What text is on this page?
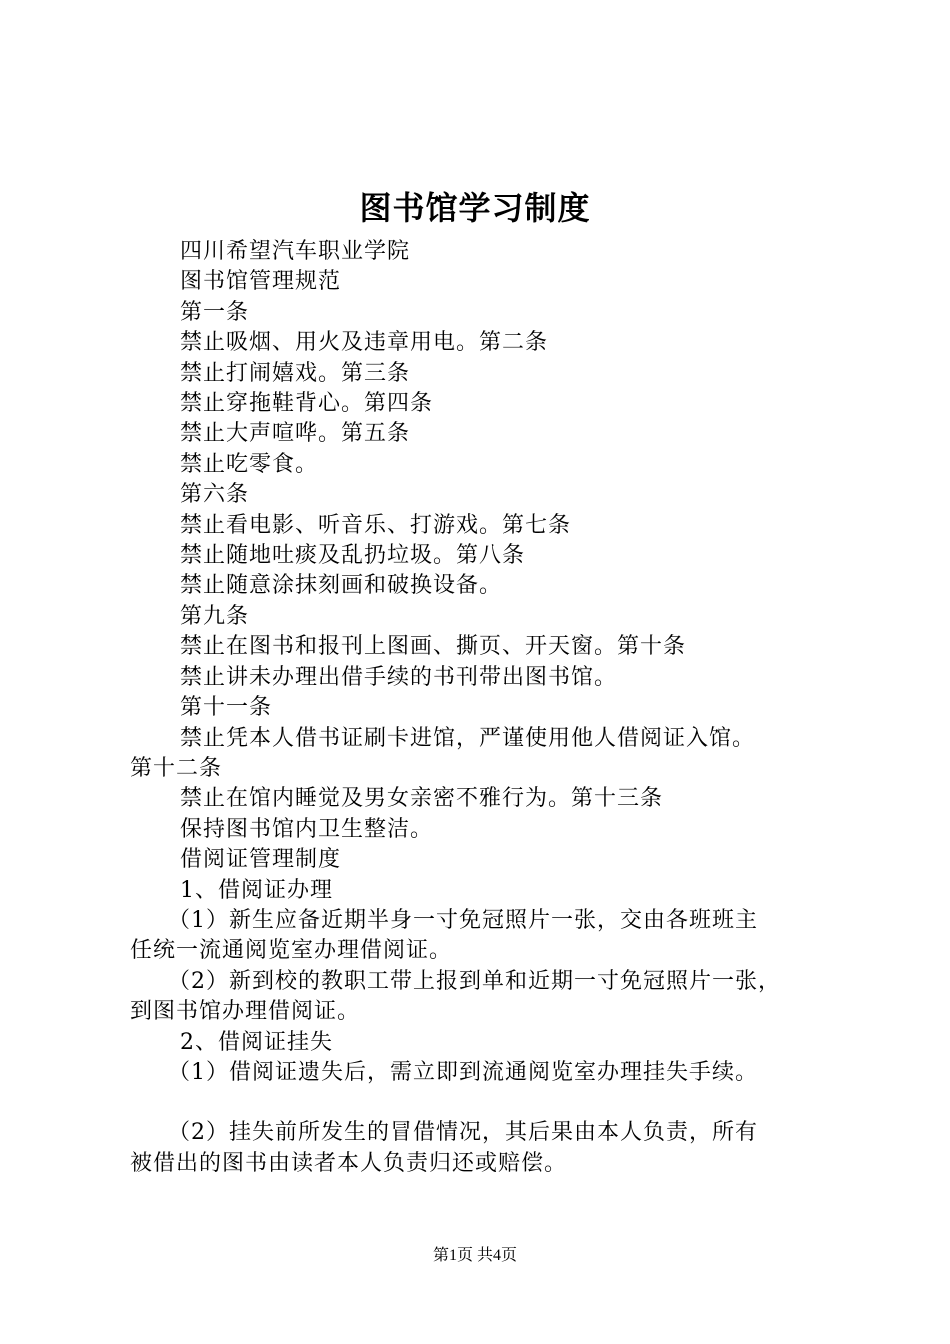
图书馆学习制度

四川希望汽车职业学院

图书馆管理规范

第一条

禁止吸烟、用火及违章用电。第二条

禁止打闹嬉戏。第三条

禁止穿拖鞋背心。第四条

禁止大声喧哗。第五条

禁止吃零食。

第六条

禁止看电影、听音乐、打游戏。第七条

禁止随地吐痰及乱扔垃圾。第八条

禁止随意涂抹刻画和破换设备。

第九条

禁止在图书和报刊上图画、撕页、开天窗。第十条

禁止讲未办理出借手续的书刊带出图书馆。

第十一条

禁止凭本人借书证刷卡进馆，严谨使用他人借阅证入馆。

第十二条

禁止在馆内睡觉及男女亲密不雅行为。第十三条

保持图书馆内卫生整洁。

借阅证管理制度

1、借阅证办理

（1）新生应备近期半身一寸免冠照片一张，交由各班班主

任统一流通阅览室办理借阅证。

（2）新到校的教职工带上报到单和近期一寸免冠照片一张，

到图书馆办理借阅证。

2、借阅证挂失

（1）借阅证遗失后，需立即到流通阅览室办理挂失手续。

（2）挂失前所发生的冒借情况，其后果由本人负责，所有

被借出的图书由读者本人负责归还或赔偿。

第1页 共4页
